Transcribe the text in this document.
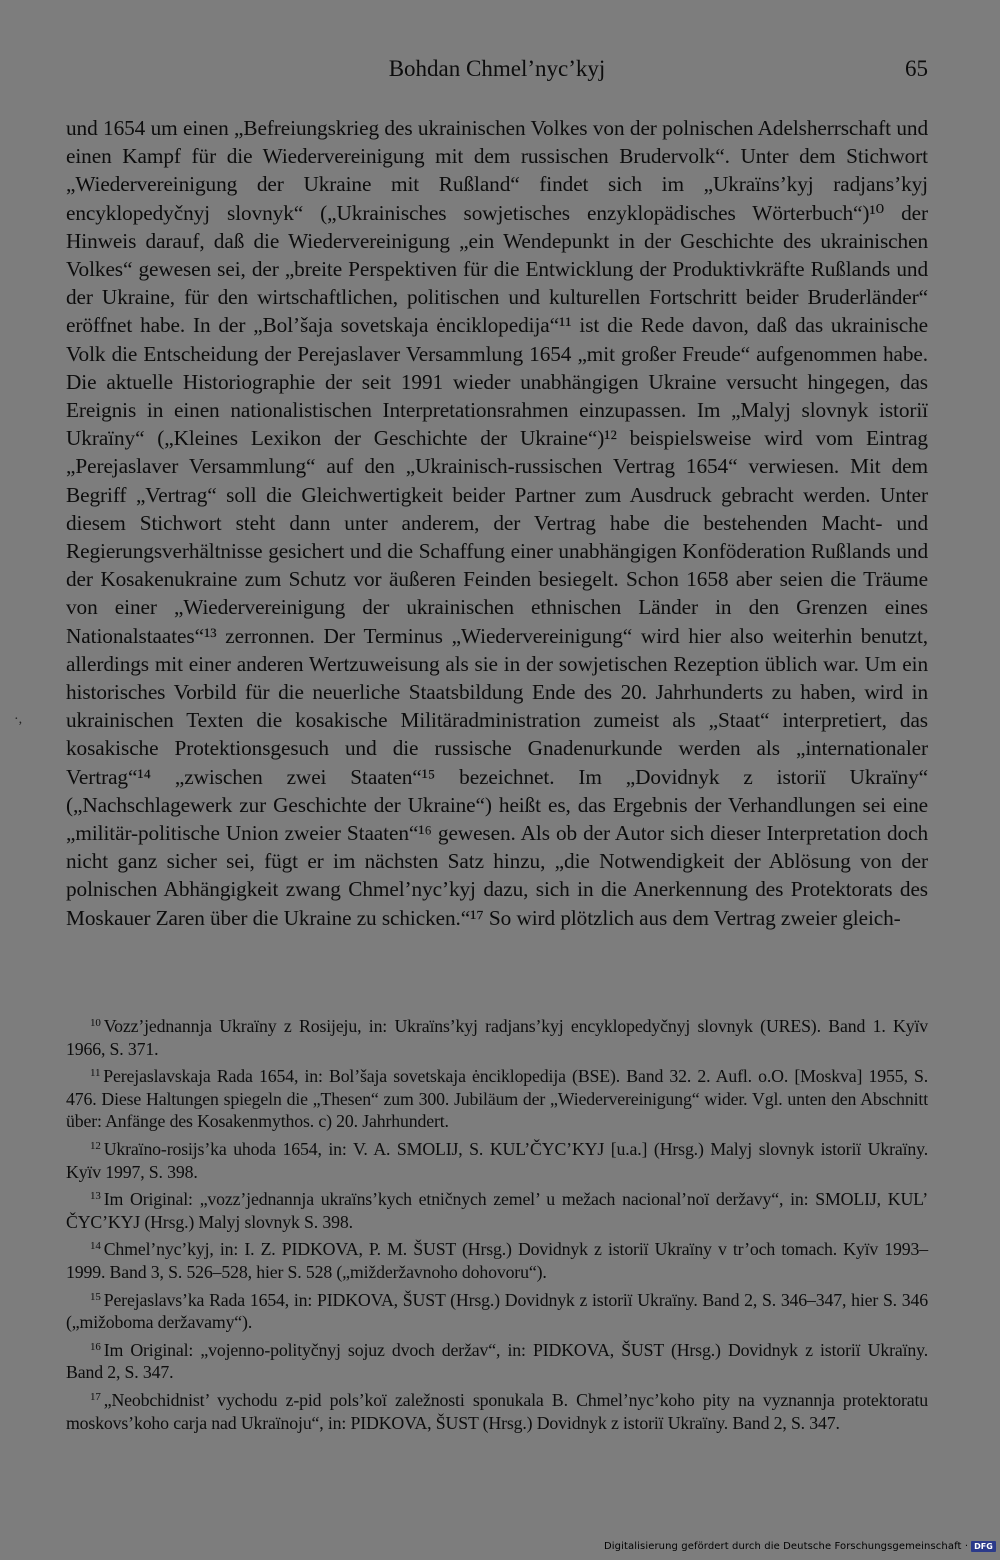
Bohdan Chmel’nyc’kyj	65

und 1654 um einen „Befreiungskrieg des ukrainischen Volkes von der polnischen Adelsherrschaft und einen Kampf für die Wiedervereinigung mit dem russischen Brudervolk“. Unter dem Stichwort „Wiedervereinigung der Ukraine mit Rußland“ findet sich im „Ukraïns’kyj radjans’kyj encyklopedyčnyj slovnyk“ („Ukrainisches sowjetisches enzyklopädisches Wörterbuch“)¹⁰ der Hinweis darauf, daß die Wiedervereinigung „ein Wendepunkt in der Geschichte des ukrainischen Volkes“ gewesen sei, der „breite Perspektiven für die Entwicklung der Produktivkräfte Rußlands und der Ukraine, für den wirtschaftlichen, politischen und kulturellen Fortschritt beider Bruderländer“ eröffnet habe. In der „Bol’šaja sovetskaja ėnciklopedija“¹¹ ist die Rede davon, daß das ukrainische Volk die Entscheidung der Perejaslaver Versammlung 1654 „mit großer Freude“ aufgenommen habe. Die aktuelle Historiographie der seit 1991 wieder unabhängigen Ukraine versucht hingegen, das Ereignis in einen nationalistischen Interpretationsrahmen einzupassen. Im „Malyj slovnyk istoriï Ukraïny“ („Kleines Lexikon der Geschichte der Ukraine“)¹² beispielsweise wird vom Eintrag „Perejaslaver Versammlung“ auf den „Ukrainisch-russischen Vertrag 1654“ verwiesen. Mit dem Begriff „Vertrag“ soll die Gleichwertigkeit beider Partner zum Ausdruck gebracht werden. Unter diesem Stichwort steht dann unter anderem, der Vertrag habe die bestehenden Macht- und Regierungsverhältnisse gesichert und die Schaffung einer unabhängigen Konföderation Rußlands und der Kosakenukraine zum Schutz vor äußeren Feinden besiegelt. Schon 1658 aber seien die Träume von einer „Wiedervereinigung der ukrainischen ethnischen Länder in den Grenzen eines Nationalstaates“¹³ zerronnen. Der Terminus „Wiedervereinigung“ wird hier also weiterhin benutzt, allerdings mit einer anderen Wertzuweisung als sie in der sowjetischen Rezeption üblich war. Um ein historisches Vorbild für die neuerliche Staatsbildung Ende des 20. Jahrhunderts zu haben, wird in ukrainischen Texten die kosakische Militäradministration zumeist als „Staat“ interpretiert, das kosakische Protektionsgesuch und die russische Gnadenurkunde werden als „internationaler Vertrag“¹⁴ „zwischen zwei Staaten“¹⁵ bezeichnet. Im „Dovidnyk z istoriï Ukraïny“ („Nachschlagewerk zur Geschichte der Ukraine“) heißt es, das Ergebnis der Verhandlungen sei eine „militär-politische Union zweier Staaten“¹⁶ gewesen. Als ob der Autor sich dieser Interpretation doch nicht ganz sicher sei, fügt er im nächsten Satz hinzu, „die Notwendigkeit der Ablösung von der polnischen Abhängigkeit zwang Chmel’nyc’kyj dazu, sich in die Anerkennung des Protektorats des Moskauer Zaren über die Ukraine zu schicken.“¹⁷ So wird plötzlich aus dem Vertrag zweier gleich-

·,

$^{10}$ Vozz’jednannja Ukraïny z Rosijeju, in: Ukraïns’kyj radjans’kyj encyklopedyčnyj slovnyk (URES). Band 1. Kyïv 1966, S. 371.

$^{11}$ Perejaslavskaja Rada 1654, in: Bol’šaja sovetskaja ėnciklopedija (BSE). Band 32. 2. Aufl. o.O. [Moskva] 1955, S. 476. Diese Haltungen spiegeln die „Thesen“ zum 300. Jubiläum der „Wiedervereinigung“ wider. Vgl. unten den Abschnitt über: Anfänge des Kosakenmythos. c) 20. Jahrhundert.

$^{12}$ Ukraïno-rosijs’ka uhoda 1654, in: V. A. SMOLIJ, S. KUL’ČYC’KYJ [u.a.] (Hrsg.) Malyj slovnyk istoriï Ukraïny. Kyïv 1997, S. 398.

$^{13}$ Im Original: „vozz’jednannja ukraïns’kych etničnych zemel’ u mežach nacional’noï deržavy“, in: SMOLIJ, KUL’ ČYC’KYJ (Hrsg.) Malyj slovnyk S. 398.

$^{14}$ Chmel’nyc’kyj, in: I. Z. PIDKOVA, P. M. ŠUST (Hrsg.) Dovidnyk z istoriï Ukraïny v tr’och tomach. Kyïv 1993–1999. Band 3, S. 526–528, hier S. 528 („mižderžavnoho dohovoru“).

$^{15}$ Perejaslavs’ka Rada 1654, in: PIDKOVA, ŠUST (Hrsg.) Dovidnyk z istoriï Ukraïny. Band 2, S. 346–347, hier S. 346 („mižoboma deržavamy“).

$^{16}$ Im Original: „vojenno-polityčnyj sojuz dvoch deržav“, in: PIDKOVA, ŠUST (Hrsg.) Dovidnyk z istoriï Ukraïny. Band 2, S. 347.

$^{17}$ „Neobchidnist’ vychodu z-pid pols’koï zaležnosti sponukala B. Chmel’nyc’koho pity na vyznannja protektoratu moskovs’koho carja nad Ukraïnoju“, in: PIDKOVA, ŠUST (Hrsg.) Dovidnyk z istoriï Ukraïny. Band 2, S. 347.

Digitalisierung gefördert durch die Deutsche Forschungsgemeinschaft · DFG
